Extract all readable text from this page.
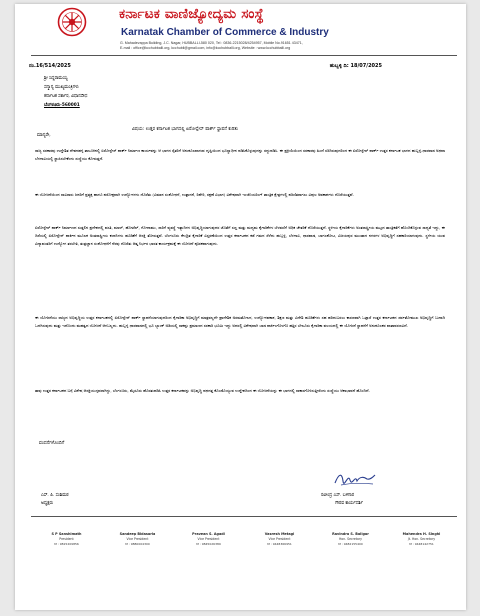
ಕರ್ನಾಟಕ ವಾಣಿಜ್ಯೋದ್ಯಮ ಸಂಸ್ಥೆ
Karnatak Chamber of Commerce & Industry
G. Mahadevappa Building, J.C. Nagar, HUBBALLI-580 020, Tel : 0836-2215028/4254957, Mobile No.91651 43471,
E-mail : office@kcchubballi.org, kcchubli@gmail.com, info@kcchubballi.org, Website : www.kcchubballi.org
ನಂ.16/514/2025	ಹುಬ್ಬಳ್ಳಿ ದಿ: 18/07/2025
ಶ್ರೀ ಸಿದ್ದರಾಮಯ್ಯ
ಸನ್ಮಾನ್ಯ ಮುಖ್ಯಮಂತ್ರಿಗಳು
ಕರ್ನಾಟಕ ಸರ್ಕಾರ, ವಿಧಾನಸೌಧ
ಬೆಂಗಳೂರು-560001
ವಿಷಯ: ಉತ್ತರ ಕರ್ನಾಟಕ ಭಾಗದಲ್ಲಿ ಏರೋಸ್ಪೇಸ್ ಪಾರ್ಕ್ ಸ್ಥಾಪನೆ ಕುರಿತು
ಮಾನ್ಯರೇ,
ರಾಜ್ಯ ಸರಕಾರವು ಉದ್ದೇಶಿತ ದೇವನಹಳ್ಳಿ ತಾಲೂಕಿನಲ್ಲಿ ಏರೋಸ್ಪೇಸ್ ಪಾರ್ಕ್ ನಿರ್ಮಾಣ ಕಾರ್ಯವನ್ನು ಆ ಭಾಗದ ರೈತರಿಗೆ ಅನುಕೂಲವಾಗುವ ದೃಷ್ಟಿಯಿಂದ ಭೂಸ್ವಾಧೀನ ಪಡಿಸಿಕೊಳ್ಳುವುದನ್ನು ರದ್ದುಪಡಿಸಿ. ಈ ಪ್ರಕ್ರಿಯೆಯಿಂದ ಸರಕಾರವು ಹಿಂದೆ ಸರಿದಿರುವುದರಿಂದ ಈ ಏರೋಸ್ಪೇಸ್ ಪಾರ್ಕ್ ಉತ್ತರ ಕರ್ನಾಟಕ ಭಾಗದ ಹುಬ್ಬಳ್ಳಿ-ಧಾರವಾಡ ಅಥವಾ ಬೆಳಗಾವಿಯಲ್ಲಿ ಸ್ಥಾಪಿಸಬೇಕೆಂದು ಸಂಸ್ಥೆಯು ಕೋರುತ್ತದೆ.
ಈ ಯೋಜನೆಯಿಂದ ಸಾವಿರಾರು ಜನರಿಗೆ ಪ್ರತ್ಯಕ್ಷ ಹಾಗೂ ಪರೋಕ್ಷವಾಗಿ ಉದ್ಯೋಗಗಳು ದೊರೆತು (ವಿಮಾನ ಸಂಶೋಧನೆ, ಉತ್ಪಾದನೆ, ರಿಪೇರಿ, ರಕ್ಷಣೆ ವಿಭಾಗ) ವಿಶೇಷವಾಗಿ ಇಂಜಿನಿಯರಿಂಗ್ ತಾಂತ್ರಿಕ ಕ್ಷೇತ್ರಗಳಲ್ಲಿ ಪರಿಣಿತರಾಗಲು ವಿಪುಲ ಅವಕಾಶಗಳು ದೊರೆಯುತ್ತವೆ.
ಏರೋಸ್ಪೇಸ್ ಪಾರ್ಕ್ ನಿರ್ಮಾಣದ ಸುತ್ತಲಿನ ಪ್ರದೇಶದಲ್ಲಿ ವಸತಿ, ಮಾಲ್, ಹೋಟೆಲ್, ಗೋದಾಮು, ಸಾರಿಗೆ ವ್ಯವಸ್ಥೆ ಇತ್ಯಾದಿಗಳ ಅಭಿವೃದ್ಧಿಯಾಗುವುದರ ಜೊತೆಗೆ ಸಣ್ಣ ಮತ್ತು ಮಧ್ಯಮ ಕೈಗಾರಿಕೆಗಳ ಬೆಳವಣಿಗೆ ಅಧಿಕ ಚೇತರಿಕೆ ದೊರೆಯುತ್ತದೆ. ಸ್ಥಳೀಯ ಕೈಗಾರಿಕೆಗಳು ಅಂತರಾಷ್ಟ್ರೀಯ ಮಟ್ಟದ ತಾಂತ್ರಿಕತೆಗೆ ಹೊಂದಿಕೊಳ್ಳುವ ಸಾಧ್ಯತೆ ಇದ್ದು, ಈ ದಿಸೆಯಲ್ಲಿ ಏರೋಸ್ಪೇಸ್ ಪಾರ್ಕಿನ ಮೂಲಕ ಅಂತರಾಷ್ಟ್ರೀಯ ಕಂಪನಿಗಳು ಹೂಡಿಕೆಗೆ ಆಸಕ್ತಿ ತೋರುತ್ತವೆ. ಬೆಂಗಳೂರು ಕೇಂದ್ರಿತ ಕೈಗಾರಿಕೆ ವಿಸ್ತರಣೆಯಿಂದ ಉತ್ತರ ಕರ್ನಾಟಕದ ಕಡೆ ಗಮನ ಸೆಳೆದು ಹುಬ್ಬಳ್ಳಿ, ಬೆಳಗಾವಿ, ಧಾರವಾಡ, ಬಾಗಲಕೋಟ, ವಿಜಯಪುರ ಮುಂತಾದ ನಗರಗಳ ಅಭಿವೃದ್ಧಿಗೆ ಸಹಕಾರಿಯಾಗುವುದು. ಸ್ಥಳೀಯ ಯುವ ವಿದ್ಯಾವಂತರಿಗೆ ಉದ್ಯೋಗ ತರಬೇತಿ, ತಂತ್ರಜ್ಞಾನ ಸಂಶೋಧನೆಗೆ ನೆರವು ದೊರೆತು ಆತ್ಮ ನಿರ್ಭರ ಭಾರತ ಕಾರ್ಯಕ್ರಮಕ್ಕೆ ಈ ಯೋಜನೆ ಪೂರಕವಾಗುವುದು.
ಈ ಯೋಜನೆಯು ರಾಜ್ಯದ ಅಭಿವೃದ್ಧಿಯ ಉತ್ತರ ಕರ್ನಾಟಕದಲ್ಲಿ ಏರೋಸ್ಪೇಸ್ ಪಾರ್ಕ್ ಸ್ಥಾಪನೆಯಾಗುವುದರಿಂದ ಕೈಗಾರಿಕಾ ಅಭಿವೃದ್ಧಿಗೆ ಮಾತ್ರವಲ್ಲದೇ ಪ್ರಾದೇಶಿಕ ಅಸಮತೋಲನ, ಉದ್ಯೋಗವಕಾಶ, ಶಿಕ್ಷಣ ಮತ್ತು ವಿದೇಶಿ ಹೂಡಿಕೆಗಳು ಸಹ ಹರಿದುಬರಲು ಕಾರಣವಾಗಿ ಒಟ್ಟಾರೆ ಉತ್ತರ ಕರ್ನಾಟಕದ ಸರ್ವತೋಮುಖ ಅಭಿವೃದ್ಧಿಗೆ ಬುನಾದಿ ಒದಗಿಸುವುದು ಮತ್ತು ಇದೊಂದು ಮಹತ್ವದ ಯೋಜನೆ ಆಗಬಲ್ಲದು. ಹುಬ್ಬಳ್ಳಿ ಧಾರವಾಡದಲ್ಲಿ ಭೂ ಬ್ಯಾಂಕ್ ಅಡಿಯಲ್ಲಿ ಸಾಕಷ್ಟು ಪ್ರಮಾಣದ ಸರಕಾರಿ ಭೂಮಿ ಇದ್ದು ಅದರಲ್ಲಿ ವಿಶೇಷವಾಗಿ ಬಾಡ ಪಾರ್ಕಿಂಗೊಳಗೊ ಹತ್ತಿರ ಬೇಲೂರು ಕೈಗಾರಿಕಾ ವಲಯದಲ್ಲಿ ಈ ಯೋಜನೆ ಸ್ಥಾಪನೆಗೆ ಅನುಕೂಲಕರ ವಾತಾವರಣವಿದೆ.
ತಾವು ಉತ್ತರ ಕರ್ನಾಟಕದ ಬಗ್ಗೆ ವಿಶೇಷ ಆಸಕ್ತಿಯುಳ್ಳವರಾಗಿದ್ದು, ಬೆಂಗಳೂರು, ಮೈಸೂರು ಹೊರತುಪಡಿಸಿ ಉತ್ತರ ಕರ್ನಾಟಕವನ್ನು ಅಭಿವೃದ್ಧಿ ಪಥದತ್ತ ಕೊಂಡೊಯ್ಯುವ ಉದ್ದೇಶದಿಂದ ಈ ಯೋಜನೆಯನ್ನು ಈ ಭಾಗದಲ್ಲಿ ಸಾಕಾರಗೊಳಿಸುತ್ತೀರೆಂದು ಸಂಸ್ಥೆಯು ಆಶಾಭಾವನೆ ಹೊಂದಿದೆ.
ವಂದನೆಗಳೊಂದಿಗೆ
ಎಸ್. ಪಿ. ಸಂಶಿಮಠ
ಅಧ್ಯಕ್ಷರು
ರವೀಂದ್ರ ಎಸ್. ಬಳಿಗಾರ
ಗೌರವ ಕಾರ್ಯದರ್ಶಿ
S P Sanshimath
President
M : 9815209856
Sandeep Bidasaria
Vice President
M : 9880004300
Pravean S. Agadi
Vice President
M : 9845026389
Vasresh Metagi
Vice President
M : 9448366951
Ravindra S. Baligar
Hon. Secretary
M : 9482155400
Mahendra H. Singhi
Jt. Hon. Secretary
M : 9448142751
